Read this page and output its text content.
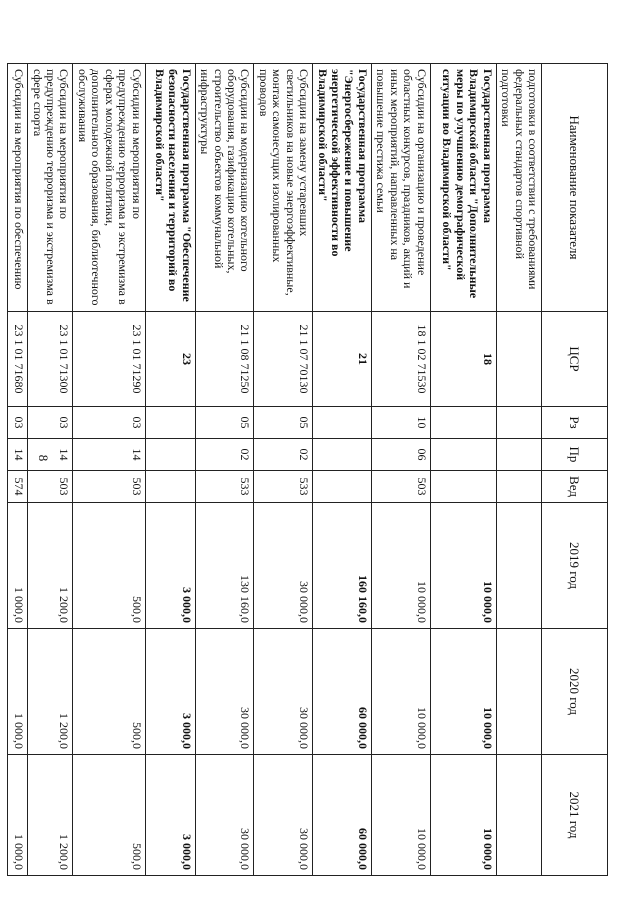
8
Наименование показателя	ЦСР	Рз	Пр	Вед	2019 год	2020 год	2021 год
подготовки в соответствии с требованиями федеральных стандартов спортивной подготовки							
Государственная программа Владимирской области "Дополнительные меры по улучшению демографической ситуации во Владимирской области"	18				10 000,0	10 000,0	10 000,0
Субсидии на организацию и проведение областных конкурсов, праздников, акций и иных мероприятий, направленных на повышение престижа семьи	18 1 02 71530	10	06	503	10 000,0	10 000,0	10 000,0
Государственная программа "Энергосбережение и повышение энергетической эффективности во Владимирской области"	21				160 160,0	60 000,0	60 000,0
Субсидии на замену устаревших светильников на новые энергоэффективные, монтаж самонесущих изолированных проводов	21 1 07 70130	05	02	533	30 000,0	30 000,0	30 000,0
Субсидии на модернизацию котельного оборудования, газификацию котельных, строительство объектов коммунальной инфраструктуры	21 1 08 71250	05	02	533	130 160,0	30 000,0	30 000,0
Государственная программа "Обеспечение безопасности населения и территорий во Владимирской области"	23				3 000,0	3 000,0	3 000,0
Субсидии на мероприятия по предупреждению терроризма и экстремизма в сферах молодежной политики, дополнительного образования, библиотечного обслуживания	23 1 01 71290	03	14	503	500,0	500,0	500,0
Субсидии на мероприятия по предупреждению терроризма и экстремизма в сфере спорта	23 1 01 71300	03	14	503	1 200,0	1 200,0	1 200,0
Субсидии на мероприятия по обеспечению	23 1 01 71680	03	14	574	1 000,0	1 000,0	1 000,0
